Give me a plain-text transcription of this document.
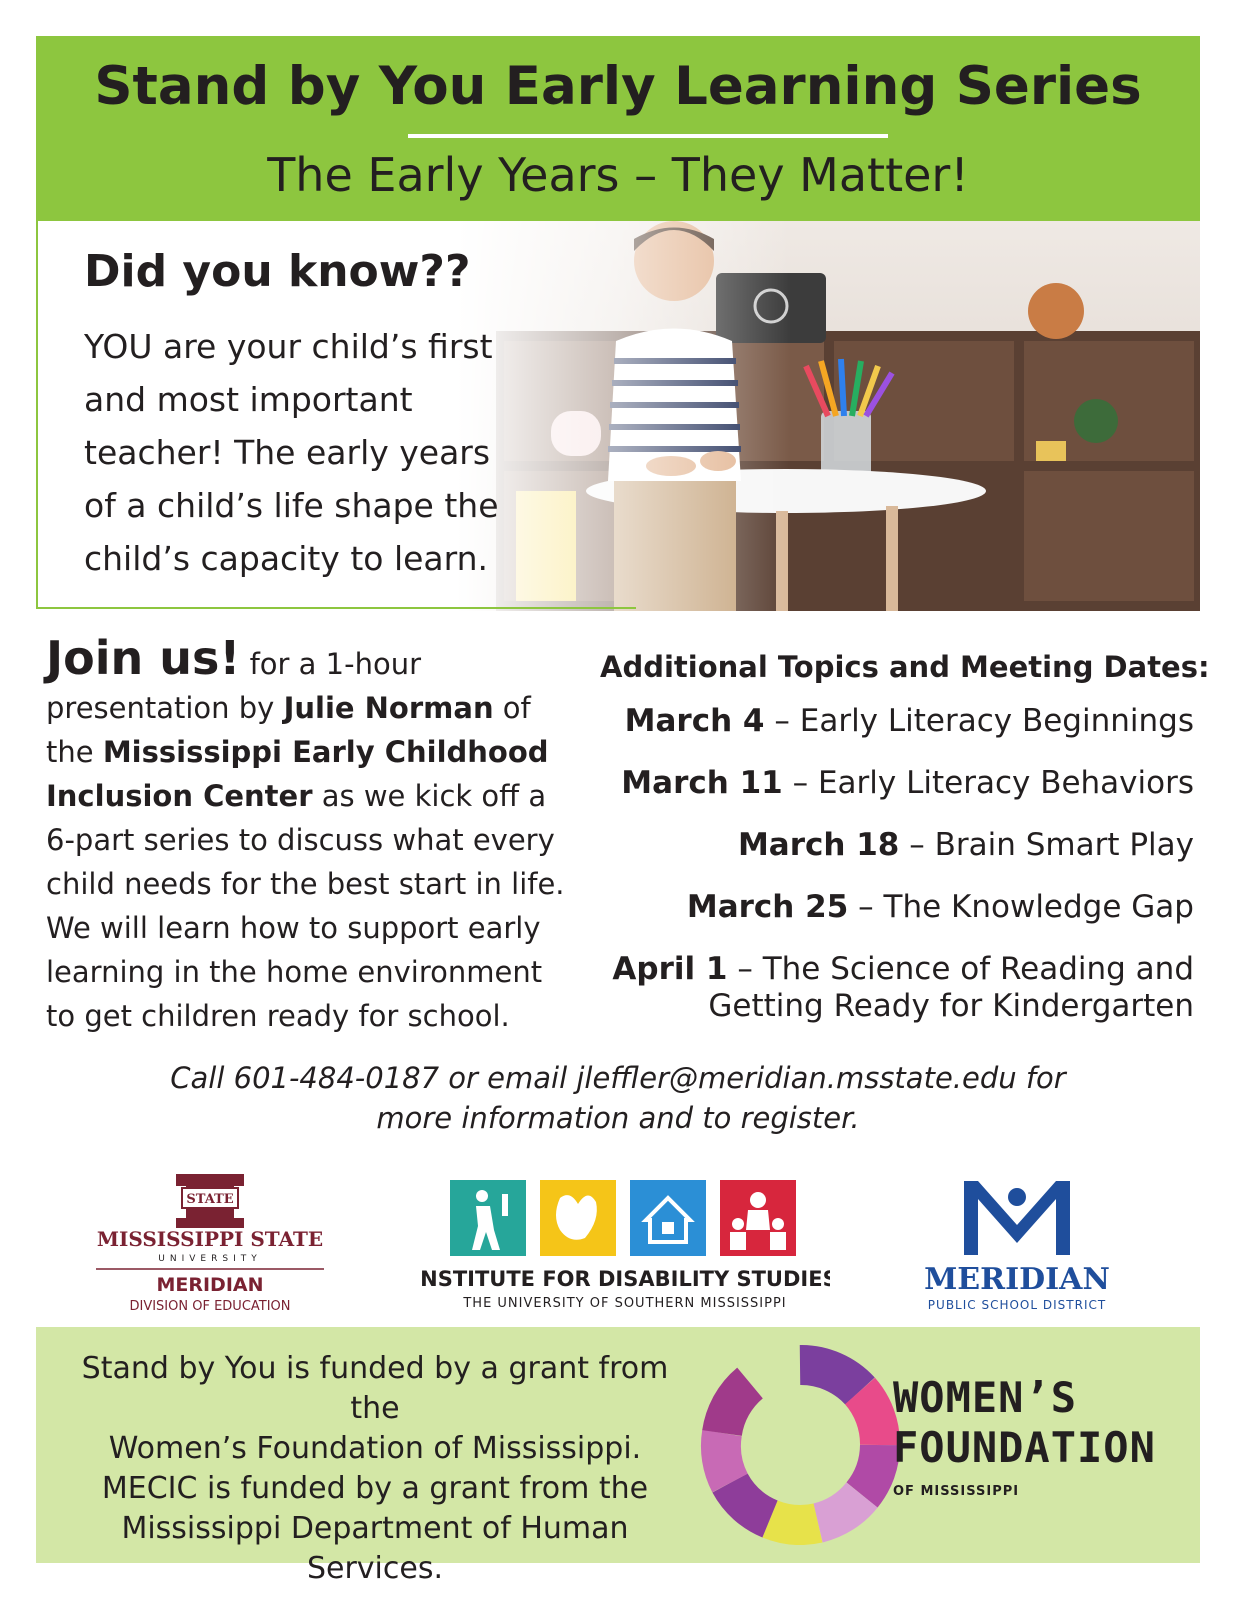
Stand by You Early Learning Series
The Early Years – They Matter!
Did you know??
YOU are your child’s first and most important teacher! The early years of a child’s life shape the child’s capacity to learn.
Join us! for a 1-hour presentation by Julie Norman of the Mississippi Early Childhood Inclusion Center as we kick off a 6-part series to discuss what every child needs for the best start in life. We will learn how to support early learning in the home environment to get children ready for school.
Additional Topics and Meeting Dates:
March 4 – Early Literacy Beginnings
March 11 – Early Literacy Behaviors
March 18 – Brain Smart Play
March 25 – The Knowledge Gap
April 1 – The Science of Reading and
Getting Ready for Kindergarten
Call 601-484-0187 or email jleffler@meridian.msstate.edu for
more information and to register.
STATE
MISSISSIPPI STATE
UNIVERSITY
MERIDIAN
DIVISION OF EDUCATION
INSTITUTE FOR DISABILITY STUDIES
THE UNIVERSITY OF SOUTHERN MISSISSIPPI
MERIDIAN
PUBLIC SCHOOL DISTRICT
Stand by You is funded by a grant from the
Women’s Foundation of Mississippi.
MECIC is funded by a grant from the
Mississippi Department of Human Services.
WOMEN’S
FOUNDATION
OF MISSISSIPPI
